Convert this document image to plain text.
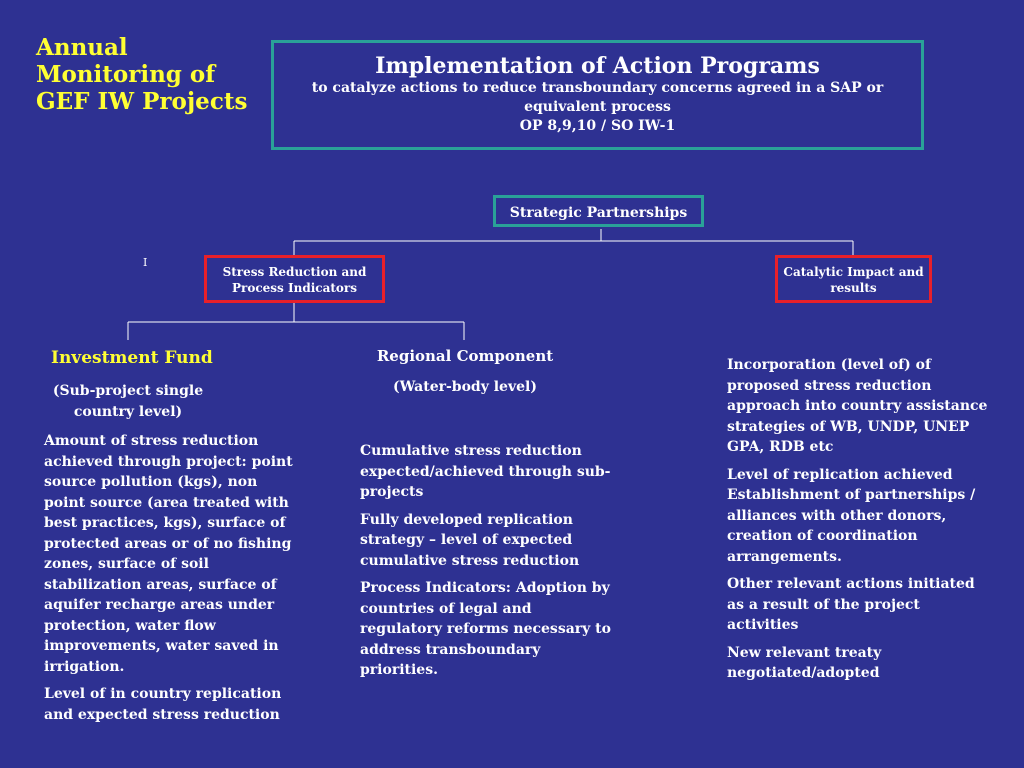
Annual
Monitoring of
GEF IW Projects
Implementation of Action Programs
to catalyze actions to reduce transboundary concerns agreed in a SAP or equivalent process
OP 8,9,10 / SO IW-1
Strategic Partnerships
Stress Reduction and Process Indicators
Catalytic Impact and results
I
Investment Fund
(Sub-project single country level)

Amount of stress reduction achieved through project: point source pollution (kgs), non point source (area treated with best practices, kgs), surface of protected areas or of no fishing zones, surface of soil stabilization areas, surface of aquifer recharge areas under protection, water flow improvements, water saved in irrigation.

Level of in country replication and expected stress reduction

Regional Component
(Water-body level)

Cumulative stress reduction expected/achieved through sub-projects

Fully developed replication strategy – level of expected cumulative stress reduction

Process Indicators: Adoption by countries of legal and regulatory reforms necessary to address transboundary priorities.

Incorporation (level of) of proposed stress reduction approach into country assistance strategies of WB, UNDP, UNEP GPA, RDB etc

Level of replication achieved Establishment of partnerships / alliances with other donors, creation of coordination arrangements.

Other relevant actions initiated as a result of the project activities

New relevant treaty negotiated/adopted
